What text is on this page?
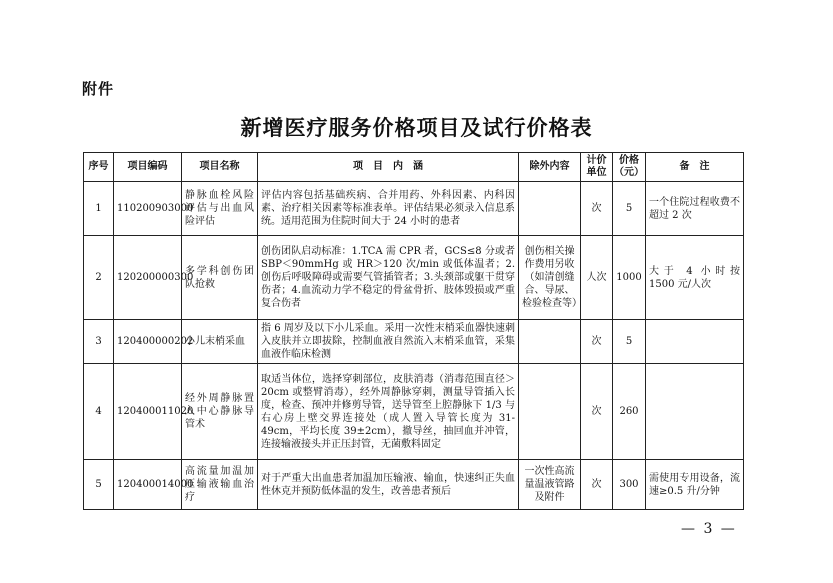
附件
新增医疗服务价格项目及试行价格表
序号	项目编码	项目名称	项　目　内　涵	除外内容	计价单位	价格（元）	备　注
1	110200903000	静脉血栓风险评估与出血风险评估	评估内容包括基础疾病、合并用药、外科因素、内科因素、治疗相关因素等标准表单。评估结果必须录入信息系统。适用范围为住院时间大于 24 小时的患者		次	5	一个住院过程收费不超过 2 次
2	120200000300	多学科创伤团队抢救	创伤团队启动标准：1.TCA 需 CPR 者，GCS≤8 分或者 SBP＜90mmHg 或 HR＞120 次/min 或低体温者；2.创伤后呼吸障碍或需要气管插管者；3.头颈部或躯干贯穿伤者；4.血流动力学不稳定的骨盆骨折、肢体毁损或严重复合伤者	创伤相关操作费用另收（如清创缝合、导尿、检验检查等）	人次	1000	大于 4 小时按 1500 元/人次
3	120400000202	小儿末梢采血	指 6 周岁及以下小儿采血。采用一次性末梢采血器快速刺入皮肤并立即拔除，控制血液自然流入末梢采血管，采集血液作临床检测		次	5	
4	120400011020	经外周静脉置入中心静脉导管术	取适当体位，选择穿刺部位，皮肤消毒（消毒范围直径＞20cm 或整臂消毒），经外周静脉穿刺，测量导管插入长度，检查、预冲并修剪导管，送导管至上腔静脉下 1/3 与右心房上壁交界连接处（成人置入导管长度为 31-49cm，平均长度 39±2cm），撤导丝，抽回血并冲管，连接输液接头并正压封管，无菌敷料固定		次	260	
5	120400014000	高流量加温加压输液输血治疗	对于严重大出血患者加温加压输液、输血，快速纠正失血性休克并预防低体温的发生，改善患者预后	一次性高流量温液管路及附件	次	300	需使用专用设备，流速≥0.5 升/分钟
— 3 —
